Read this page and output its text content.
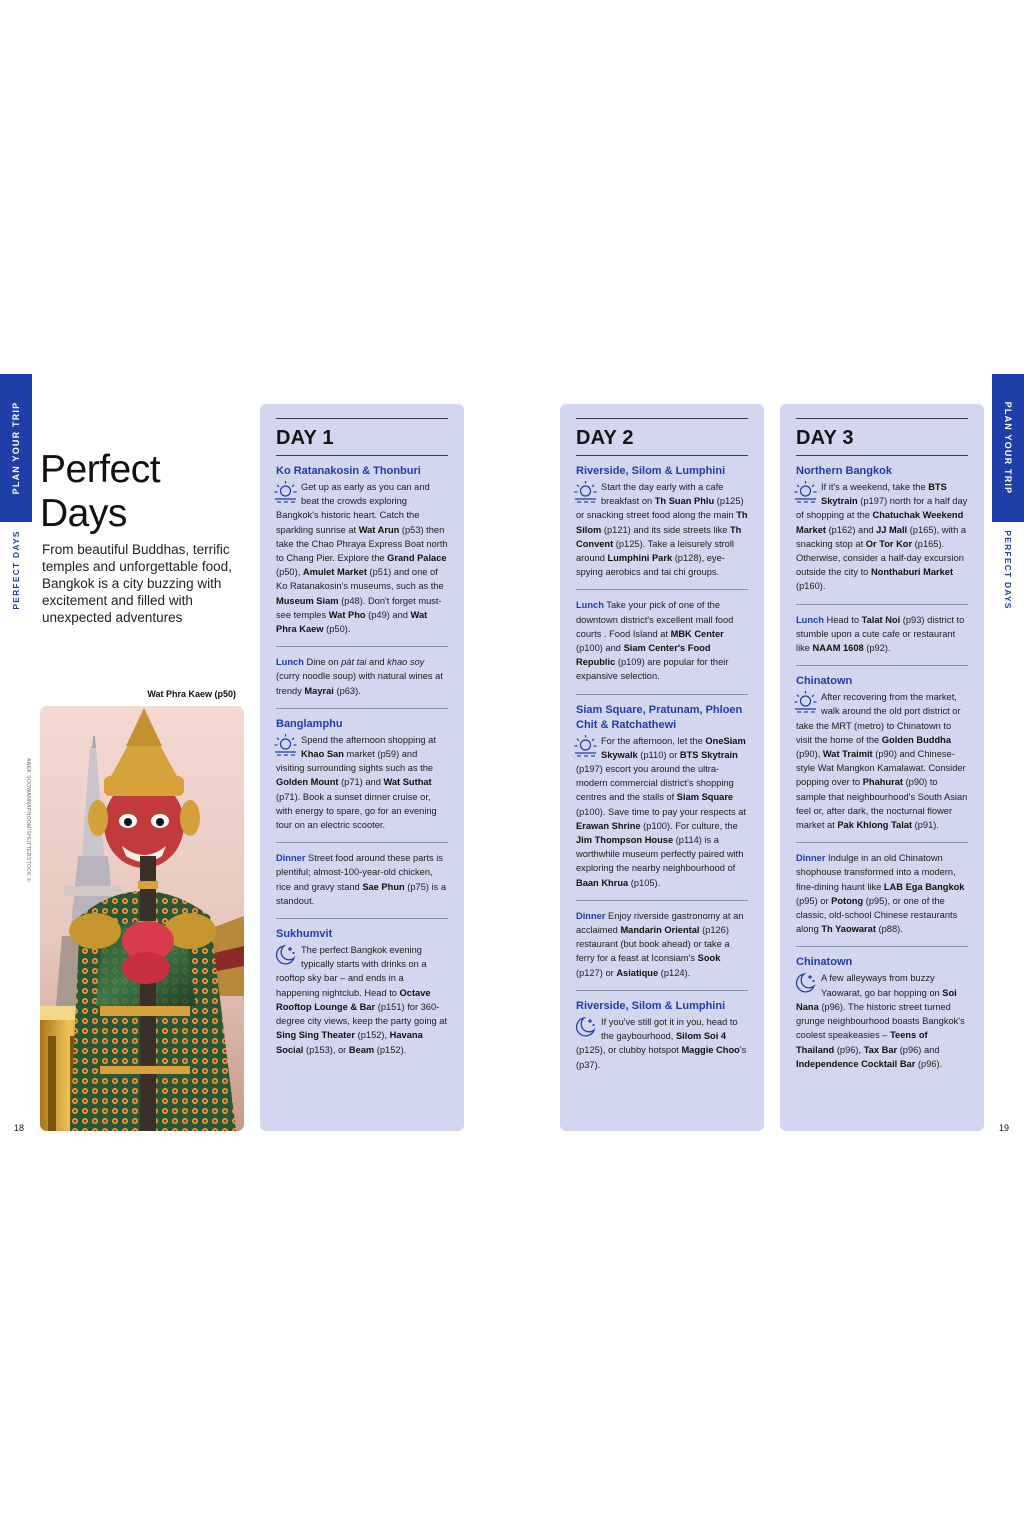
PLAN YOUR TRIP
PERFECT DAYS
PLAN YOUR TRIP
PERFECT DAYS
Perfect
Days

From beautiful Buddhas, terrific temples and unforgettable food, Bangkok is a city buzzing with excitement and filled with unexpected adventures

Wat Phra Kaew (p50)
ANEK SOOWANNAPHOOM/SHUTTERSTOCK ©
18	19
DAY 1
Ko Ratanakosin & Thonburi

Get up as early as you can and beat the crowds exploring Bangkok's historic heart. Catch the sparkling sunrise at Wat Arun (p53) then take the Chao Phraya Express Boat north to Chang Pier. Explore the Grand Palace (p50), Amulet Market (p51) and one of Ko Ratanakosin's museums, such as the Museum Siam (p48). Don't forget must-see temples Wat Pho (p49) and Wat Phra Kaew (p50).

Lunch Dine on pàt tai and khao soy (curry noodle soup) with natural wines at trendy Mayrai (p63).

Banglamphu

Spend the afternoon shopping at Khao San market (p59) and visiting surrounding sights such as the Golden Mount (p71) and Wat Suthat (p71). Book a sunset dinner cruise or, with energy to spare, go for an evening tour on an electric scooter.

Dinner Street food around these parts is plentiful; almost-100-year-old chicken, rice and gravy stand Sae Phun (p75) is a standout.

Sukhumvit

The perfect Bangkok evening typically starts with drinks on a rooftop sky bar – and ends in a happening nightclub. Head to Octave Rooftop Lounge & Bar (p151) for 360-degree city views, keep the party going at Sing Sing Theater (p152), Havana Social (p153), or Beam (p152).

DAY 2
Riverside, Silom & Lumphini

Start the day early with a cafe breakfast on Th Suan Phlu (p125) or snacking street food along the main Th Silom (p121) and its side streets like Th Convent (p125). Take a leisurely stroll around Lumphini Park (p128), eye-spying aerobics and tai chi groups.

Lunch Take your pick of one of the downtown district's excellent mall food courts . Food Island at MBK Center (p100) and Siam Center's Food Republic (p109) are popular for their expansive selection.

Siam Square, Pratunam, Phloen Chit & Ratchathewi

For the afternoon, let the OneSiam Skywalk (p110) or BTS Skytrain (p197) escort you around the ultra-modern commercial district's shopping centres and the stalls of Siam Square (p100). Save time to pay your respects at Erawan Shrine (p100). For culture, the Jim Thompson House (p114) is a worthwhile museum perfectly paired with exploring the nearby neighbourhood of Baan Khrua (p105).

Dinner Enjoy riverside gastronomy at an acclaimed Mandarin Oriental (p126) restaurant (but book ahead) or take a ferry for a feast at Iconsiam's Sook (p127) or Asiatique (p124).

Riverside, Silom & Lumphini

If you've still got it in you, head to the gaybourhood, Silom Soi 4 (p125), or clubby hotspot Maggie Choo's (p37).

DAY 3
Northern Bangkok

If it's a weekend, take the BTS Skytrain (p197) north for a half day of shopping at the Chatuchak Weekend Market (p162) and JJ Mall (p165), with a snacking stop at Or Tor Kor (p165). Otherwise, consider a half-day excursion outside the city to Nonthaburi Market (p160).

Lunch Head to Talat Noi (p93) district to stumble upon a cute cafe or restaurant like NAAM 1608 (p92).

Chinatown

After recovering from the market, walk around the old port district or take the MRT (metro) to Chinatown to visit the home of the Golden Buddha (p90), Wat Traimit (p90) and Chinese-style Wat Mangkon Kamalawat. Consider popping over to Phahurat (p90) to sample that neighbourhood's South Asian feel or, after dark, the nocturnal flower market at Pak Khlong Talat (p91).

Dinner Indulge in an old Chinatown shophouse transformed into a modern, fine-dining haunt like LAB Ega Bangkok (p95) or Potong (p95), or one of the classic, old-school Chinese restaurants along Th Yaowarat (p88).

Chinatown

A few alleyways from buzzy Yaowarat, go bar hopping on Soi Nana (p96). The historic street turned grunge neighbourhood boasts Bangkok's coolest speakeasies – Teens of Thailand (p96), Tax Bar (p96) and Independence Cocktail Bar (p96).
